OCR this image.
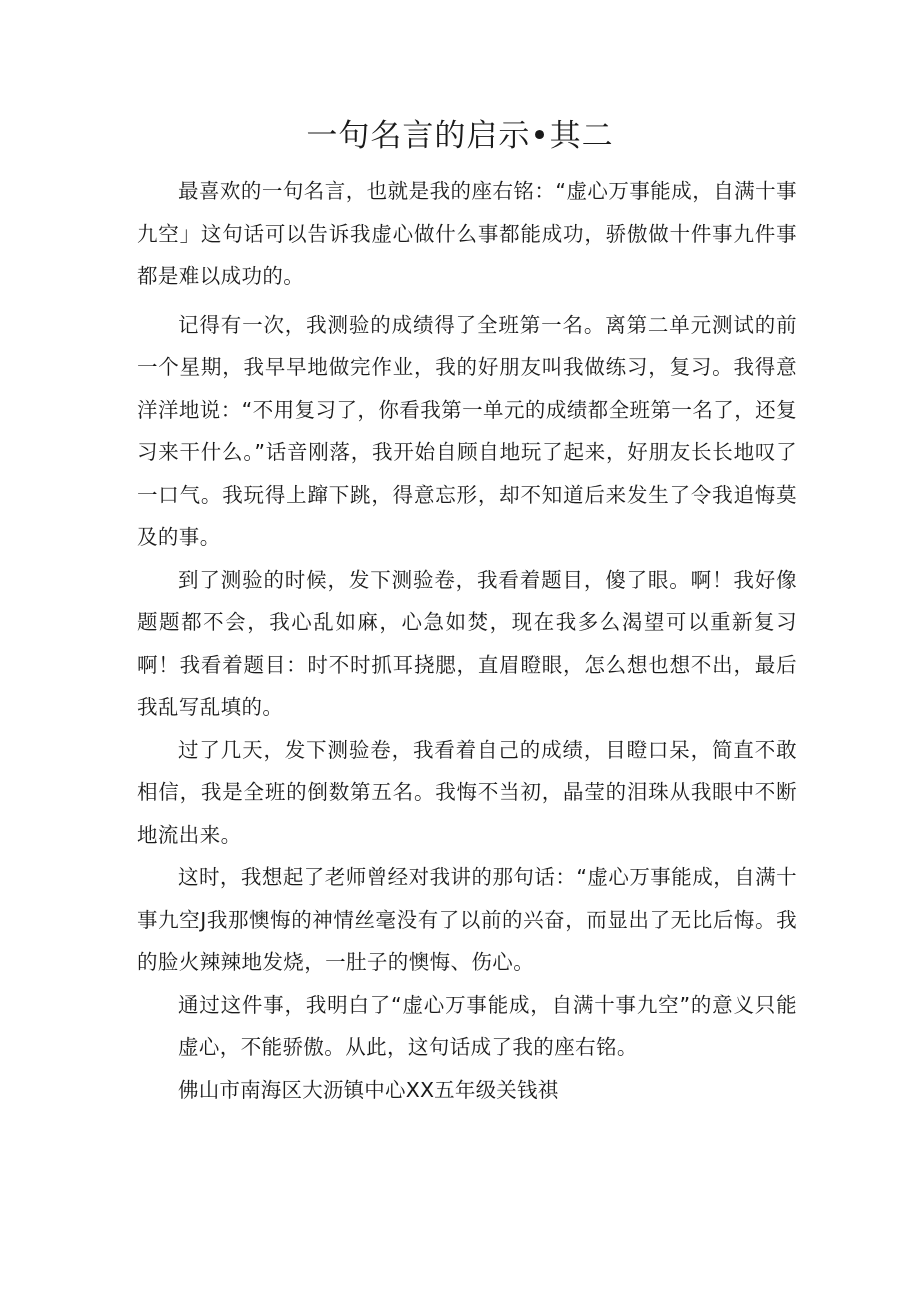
一句名言的启示•其二

最喜欢的一句名言，也就是我的座右铭：“虚心万事能成，自满十事九空」这句话可以告诉我虚心做什么事都能成功，骄傲做十件事九件事都是难以成功的。

记得有一次，我测验的成绩得了全班第一名。离第二单元测试的前一个星期，我早早地做完作业，我的好朋友叫我做练习，复习。我得意洋洋地说：“不用复习了，你看我第一单元的成绩都全班第一名了，还复习来干什么。”话音刚落，我开始自顾自地玩了起来，好朋友长长地叹了一口气。我玩得上蹿下跳，得意忘形，却不知道后来发生了令我追悔莫及的事。

到了测验的时候，发下测验卷，我看着题目，傻了眼。啊！我好像题题都不会，我心乱如麻，心急如焚，现在我多么渴望可以重新复习啊！我看着题目：时不时抓耳挠腮，直眉瞪眼，怎么想也想不出，最后我乱写乱填的。

过了几天，发下测验卷，我看着自己的成绩，目瞪口呆，简直不敢相信，我是全班的倒数第五名。我悔不当初，晶莹的泪珠从我眼中不断地流出来。

这时，我想起了老师曾经对我讲的那句话：“虚心万事能成，自满十事九空J我那懊悔的神情丝毫没有了以前的兴奋，而显出了无比后悔。我的脸火辣辣地发烧，一肚子的懊悔、伤心。

通过这件事，我明白了“虚心万事能成，自满十事九空”的意义只能虚心，不能骄傲。从此，这句话成了我的座右铭。

佛山市南海区大沥镇中心XX五年级关钱祺
